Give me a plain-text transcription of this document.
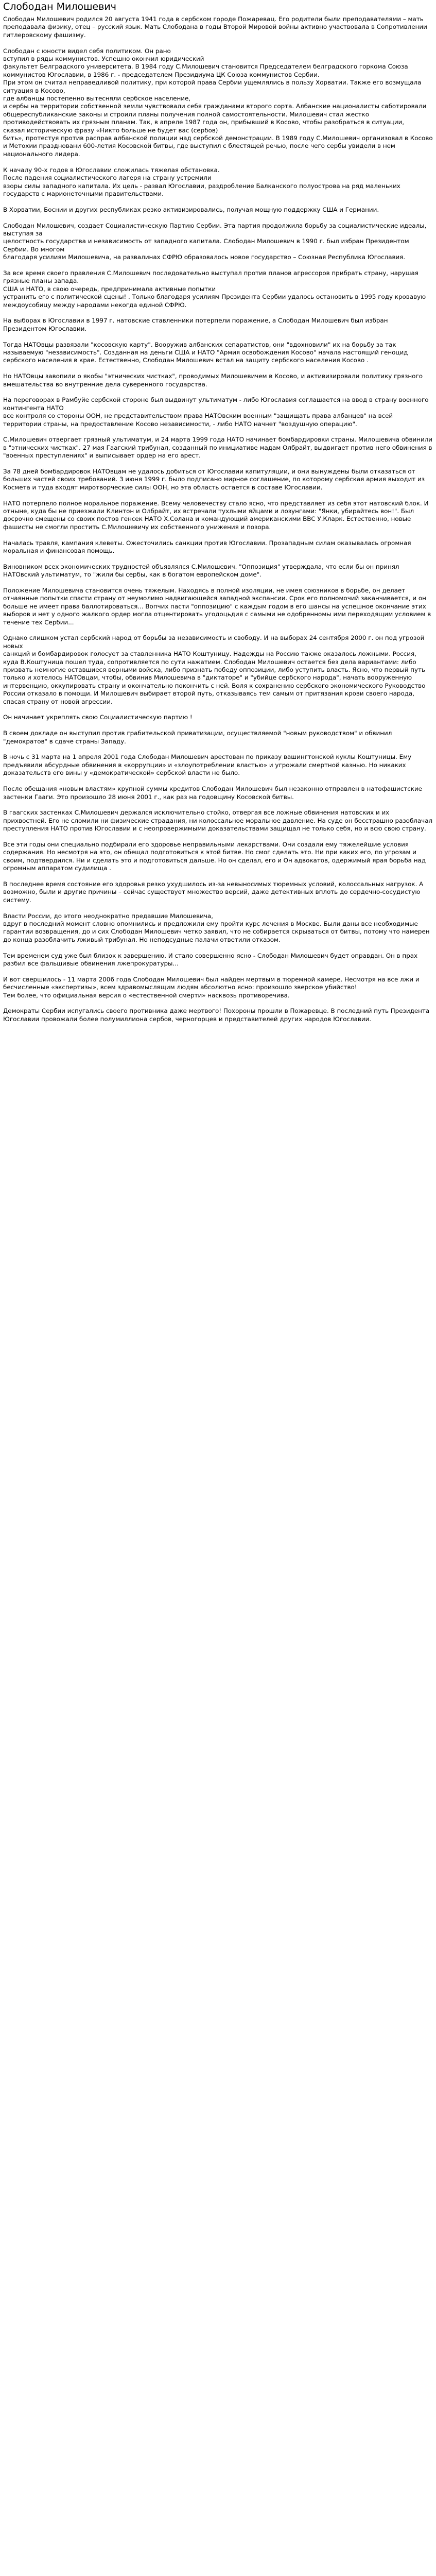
Слободан Милошевич

Слободан Милошевич родился 20 августа 1941 года в сербском городе Пожаревац. Его родители были преподавателями – мать преподавала физику, отец – русский язык. Мать Слободана в годы Второй Мировой войны активно участвовала в Сопротивлении гитлеровскому фашизму.

Слободан с юности видел себя политиком. Он рано
вступил в ряды коммунистов. Успешно окончил юридический
факультет Белградского университета. В 1984 году С.Милошевич становится Председателем белградского горкома Союза коммунистов Югославии, в 1986 г. - председателем Президиума ЦК Союза коммунистов Сербии.
При этом он считал неправедливой политику, при которой права Сербии ущемлялись в пользу Хорватии. Также его возмущала ситуация в Косово,
где албанцы постепенно вытесняли сербское население,
и сербы на территории собственной земли чувствовали себя гражданами второго сорта. Албанские националисты саботировали общереспубликанские законы и строили планы получения полной самостоятельности. Милошевич стал жестко противодействовать их грязным планам. Так, в апреле 1987 года он, прибывший в Косово, чтобы разобраться в ситуации,
сказал историческую фразу «Никто больше не будет вас (сербов)
бить», протестуя против расправ албанской полиции над сербской демонстрации. В 1989 году С.Милошевич организовал в Косово и Метохии праздновани 600-летия Косовской битвы, где выступил с блестящей речью, после чего сербы увидели в нем национального лидера.

К началу 90-х годов в Югославии сложилась тяжелая обстановка.
После падения социалистического лагеря на страну устремили
взоры силы западного капитала. Их цель - развал Югославии, раздробление Балканского полуострова на ряд маленьких государств с марионеточными правительствами.

В Хорватии, Боснии и других республиках резко активизировались, получая мощную поддержку США и Германии.

Слободан Милошевич, создает Социалистическую Партию Сербии. Эта партия продолжила борьбу за социалистические идеалы, выступая за
целостность государства и независимость от западного капитала. Слободан Милошевич в 1990 г. был избран Президентом Сербии. Во многом
благодаря усилиям Милошевича, на развалинах СФРЮ образовалось новое государство – Союзная Республика Югославия.

За все время своего правления С.Милошевич последовательно выступал против планов агрессоров прибрать страну, нарушая грязные планы запада.
США и НАТО, в свою очередь, предпринимала активные попытки
устранить его с политической сцены! . Только благодаря усилиям Президента Сербии удалось остановить в 1995 году кровавую междоусобицу между народами некогда единой СФРЮ.

На выборах в Югославии в 1997 г. натовские ставленники потерпели поражение, а Слободан Милошевич был избран Президентом Югославии.

Тогда НАТОвцы развязали "косовскую карту". Вооружив албанских сепаратистов, они "вдохновили" их на борьбу за так называемую "независимость". Созданная на деньги США и НАТО "Армия освобождения Косово" начала настоящий геноцид сербского населения в крае. Естественно, Слободан Милошевич встал на защиту сербского населения Косово .

Но НАТОвцы завопили о якобы "этнических чистках", проводимых Милошевичем в Косово, и активизировали политику грязного вмешательства во внутренние дела суверенного государства.

На переговорах в Рамбуйе сербской стороне был выдвинут ультиматум - либо Югославия соглашается на ввод в страну военного контингента НАТО
все контроля со стороны ООН, не представительством права НАТОвским военным "защищать права албанцев" на всей территории страны, на предоставление Косово независимости, - либо НАТО начнет "воздушную операцию".

С.Милошевич отвергает грязный ультиматум, и 24 марта 1999 года НАТО начинает бомбардировки страны. Милошевича обвинили в "этнических чистках". 27 мая Гаагский трибунал, созданный по инициативе мадам Олбрайт, выдвигает против него обвинения в "военных преступлениях" и выписывает ордер на его арест.

За 78 дней бомбардировок НАТОвцам не удалось добиться от Югославии капитуляции, и они вынуждены были отказаться от больших частей своих требований. 3 июня 1999 г. было подписано мирное соглашение, по которому сербская армия выходит из Космета и туда входят миротворческие силы ООН, но эта область остается в составе Югославии.

НАТО потерпело полное моральное поражение. Всему человечеству стало ясно, что представляет из себя этот натовский блок. И отныне, куда бы не приезжали Клинтон и Олбрайт, их встречали тухлыми яйцами и лозунгами: "Янки, убирайтесь вон!". Был досрочно смещены со своих постов генсек НАТО Х.Солана и командующий американскими ВВС У.Кларк. Естественно, новые фашисты не смогли простить С.Милошевичу их собственного унижения и позора.

Началась травля, кампания клеветы. Ожесточились санкции против Югославии. Прозападным силам оказывалась огромная моральная и финансовая помощь.

Виновником всех экономических трудностей объявлялся С.Милошевич. "Оппозиция" утверждала, что если бы он принял НАТОвский ультиматум, то "жили бы сербы, как в богатом европейском доме".

Положение Милошевича становится очень тяжелым. Находясь в полной изоляции, не имея союзников в борьбе, он делает отчаянные попытки спасти страну от неумолимо надвигающейся западной экспансии. Срок его полномочий заканчивается, и он больше не имеет права баллотироваться... Вопчих пасти "оппозицию" с каждым годом в его шансы на успешное окончание этих выборов и нет у одного жалкого ордер могла отцентировать угодоцьдия с самыми не одобренномы ими переходящим условием в течение тех Сербии...

Однако слишком устал сербский народ от борьбы за независимость и свободу. И на выборах 24 сентября 2000 г. он под угрозой новых
санкций и бомбардировок голосует за ставленника НАТО Коштуницу. Надежды на Россию также оказалось ложными. Россия, куда В.Коштуница пошел туда, сопротивляется по сути нажатием. Слободан Милошевич остается без дела вариантами: либо призвать немногие оставшиеся верными войска, либо признать победу оппозиции, либо уступить власть. Ясно, что первый путь только и хотелось НАТОвцам, чтобы, обвинив Милошевича в "диктаторе" и "убийце сербского народа", начать вооруженную интервенцию, оккупировать страну и окончательно покончить с ней. Воля к сохранению сербского экономического Руководство России отказало в помощи. И Милошевич выбирает второй путь, отказываясь тем самым от притязания крови своего народа, спасая страну от новой агрессии.

Он начинает укреплять свою Социалистическую партию !

В своем докладе он выступил против грабительской приватизации, осуществляемой "новым руководством" и обвинил "демократов" в сдаче страны Западу.

В ночь с 31 марта на 1 апреля 2001 года Слободан Милошевич арестован по приказу вашингтонской куклы Коштуницы. Ему предъявили абсурдные обвинения в «коррупции» и «злоупотреблении властью» и угрожали смертной казнью. Но никаких доказательств его вины у «демократической» сербской власти не было.

После обещания «новым властям» крупной суммы кредитов Слободан Милошевич был незаконно отправлен в натофашистские застенки Гааги. Это произошло 28 июня 2001 г., как раз на годовщину Косовской битвы.

В гаагских застенках С.Милошевич держался исключительно стойко, отвергая все ложные обвинения натовских и их прихвостней. Его не сломили ни физические страдания, ни колоссальное моральное давление. На суде он бесстрашно разоблачал преступления НАТО против Югославии и с неопровержимыми доказательствами защищал не только себя, но и всю свою страну.

Все эти годы они специально подбирали его здоровье неправильными лекарствами. Они создали ему тяжелейшие условия содержания. Но несмотря на это, он обещал подготовиться к этой битве. Но смог сделать это. Ни при каких его, по угрозам и своим, подтвердился. Ни и сделать это и подготовиться дальше. Но он сделал, его и Он адвокатов, одержимый ярая борьба над огромным аппаратом судилища .

В последнее время состояние его здоровья резко ухудшилось из-за невыносимых тюремных условий, колоссальных нагрузок. А возможно, были и другие причины – сейчас существует множество версий, даже детективных вплоть до сердечно-сосудистую систему.

Власти России, до этого неоднократно предавшие Милошевича,
вдруг в последний момент словно опомнились и предложили ему пройти курс лечения в Москве. Были даны все необходимые гарантии возвращения, до и сих Слободан Милошевич четко заявил, что не собирается скрываться от битвы, потому что намерен до конца разоблачить лживый трибунал. Но неподсудные палачи ответили отказом.

Тем временем суд уже был близок к завершению. И стало совершенно ясно - Слободан Милошевич будет оправдан. Он в прах разбил все фальшивые обвинения лжепрокуратуры...

И вот свершилось - 11 марта 2006 года Слободан Милошевич был найден мертвым в тюремной камере. Несмотря на все лжи и бесчисленные «экспертизы», всем здравомыслящим людям абсолютно ясно: произошло зверское убийство!
Тем более, что официальная версия о «естественной смерти» насквозь противоречива.

Демократы Сербии испугались своего противника даже мертвого! Похороны прошли в Пожаревце. В последний путь Президента Югославии провожали более полумиллиона сербов, черногорцев и представителей других народов Югославии.
